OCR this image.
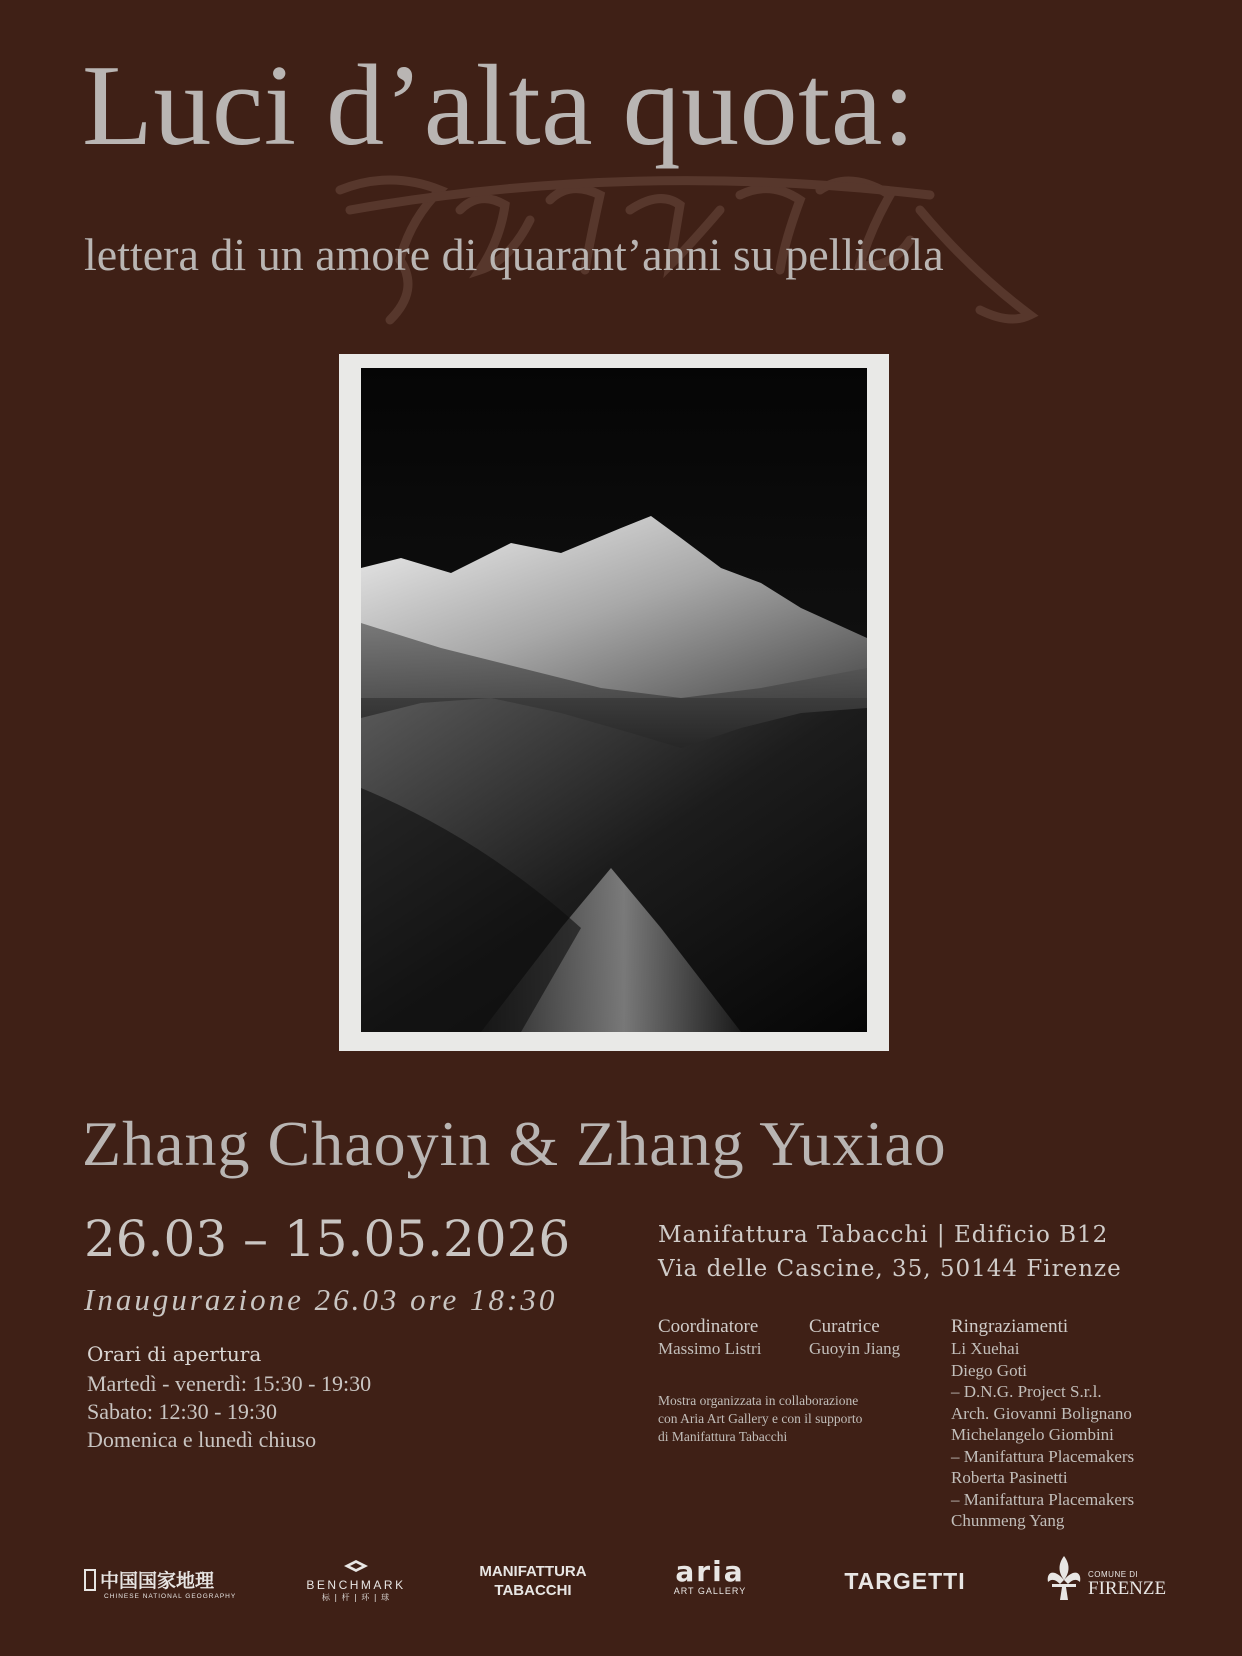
Luci d’alta quota:
lettera di un amore di quarant’anni su pellicola
Zhang Chaoyin & Zhang Yuxiao
26.03 – 15.05.2026
Inaugurazione 26.03 ore 18:30
Orari di apertura
Martedì - venerdì: 15:30 - 19:30
Sabato: 12:30 - 19:30
Domenica e lunedì chiuso
Manifattura Tabacchi | Edificio B12
Via delle Cascine, 35, 50144 Firenze
Coordinatore
Massimo Listri
Curatrice
Guoyin Jiang
Ringraziamenti
Li Xuehai
Diego Goti
– D.N.G. Project S.r.l.
Arch. Giovanni Bolignano
Michelangelo Giombini
– Manifattura Placemakers
Roberta Pasinetti
– Manifattura Placemakers
Chunmeng Yang
Mostra organizzata in collaborazione
con Aria Art Gallery e con il supporto
di Manifattura Tabacchi
中国国家地理
CHINESE NATIONAL GEOGRAPHY
BENCHMARK
标 | 杆 | 环 | 球
MANIFATTURA
TABACCHI
aria
ART GALLERY	TARGETTI	COMUNE DI
FIRENZE
